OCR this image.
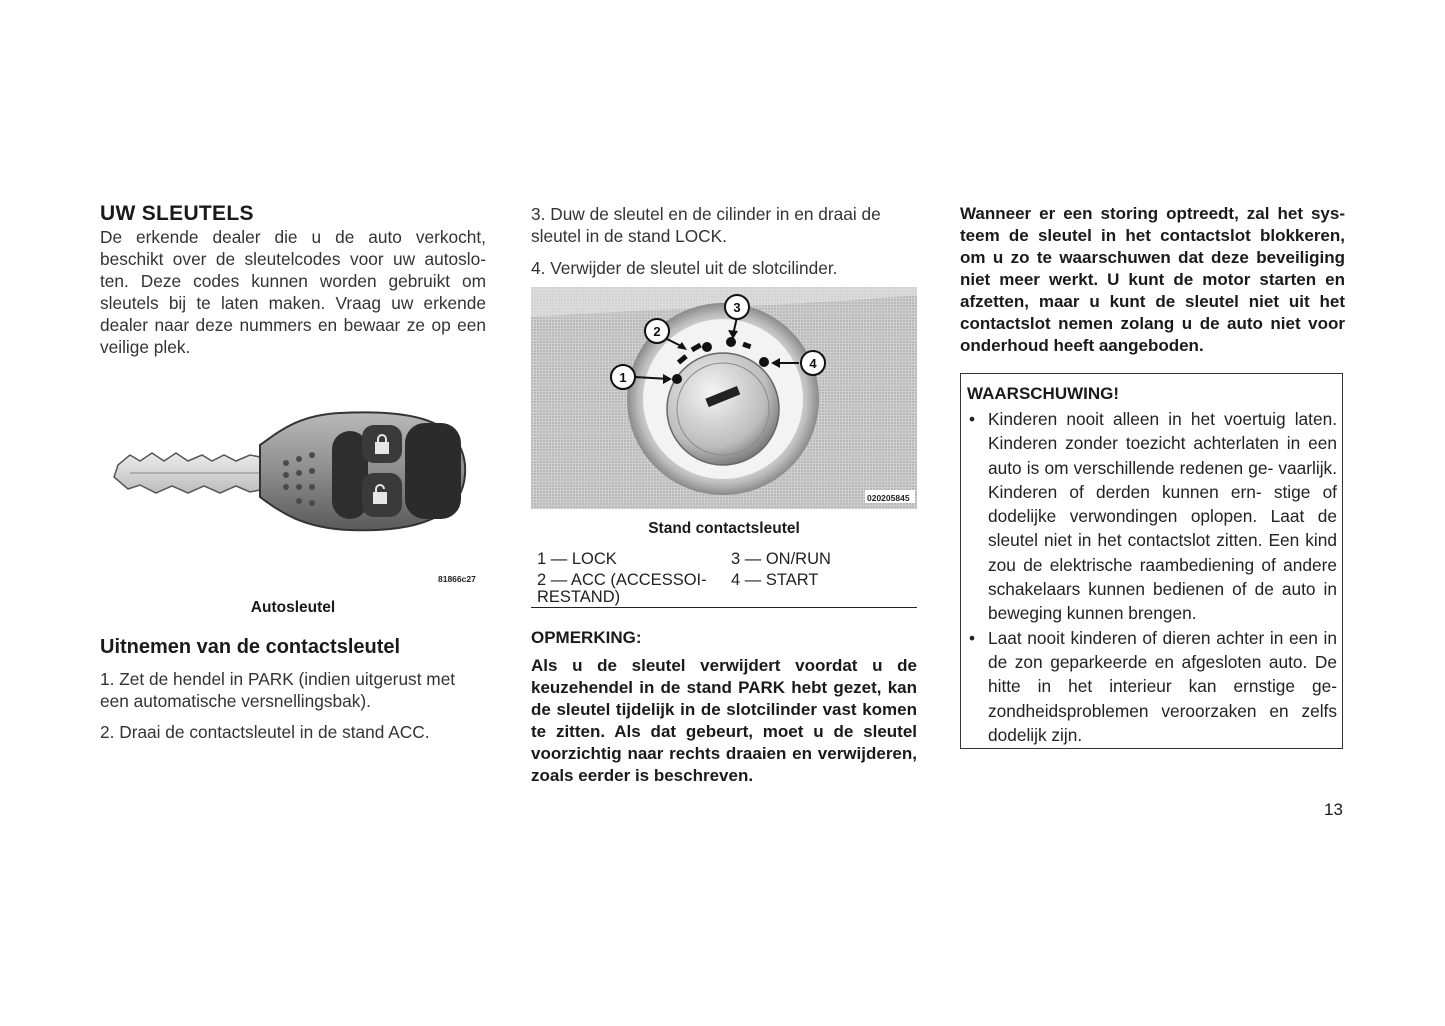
UW SLEUTELS

De erkende dealer die u de auto verkocht, beschikt over de sleutelcodes voor uw autoslo- ten. Deze codes kunnen worden gebruikt om sleutels bij te laten maken. Vraag uw erkende dealer naar deze nummers en bewaar ze op een veilige plek.

81866c27
Autosleutel
Uitnemen van de contactsleutel

1. Zet de hendel in PARK (indien uitgerust met een automatische versnellingsbak).

2. Draai de contactsleutel in de stand ACC.

3. Duw de sleutel en de cilinder in en draai de sleutel in de stand LOCK.

4. Verwijder de sleutel uit de slotcilinder.

1
2
3
4
020205845
Stand contactsleutel
1 — LOCK	3 — ON/RUN
2 — ACC (ACCESSOI- RESTAND)	4 — START
OPMERKING:

Als u de sleutel verwijdert voordat u de keuzehendel in de stand PARK hebt gezet, kan de sleutel tijdelijk in de slotcilinder vast komen te zitten. Als dat gebeurt, moet u de sleutel voorzichtig naar rechts draaien en verwijderen, zoals eerder is beschreven.

Wanneer er een storing optreedt, zal het sys- teem de sleutel in het contactslot blokkeren, om u zo te waarschuwen dat deze beveiliging niet meer werkt. U kunt de motor starten en afzetten, maar u kunt de sleutel niet uit het contactslot nemen zolang u de auto niet voor onderhoud heeft aangeboden.

WAARSCHUWING!
• Kinderen nooit alleen in het voertuig laten. Kinderen zonder toezicht achterlaten in een auto is om verschillende redenen ge- vaarlijk. Kinderen of derden kunnen ern- stige of dodelijke verwondingen oplopen. Laat de sleutel niet in het contactslot zitten. Een kind zou de elektrische raambediening of andere schakelaars kunnen bedienen of de auto in beweging kunnen brengen.
• Laat nooit kinderen of dieren achter in een in de zon geparkeerde en afgesloten auto. De hitte in het interieur kan ernstige ge- zondheidsproblemen veroorzaken en zelfs dodelijk zijn.
13
